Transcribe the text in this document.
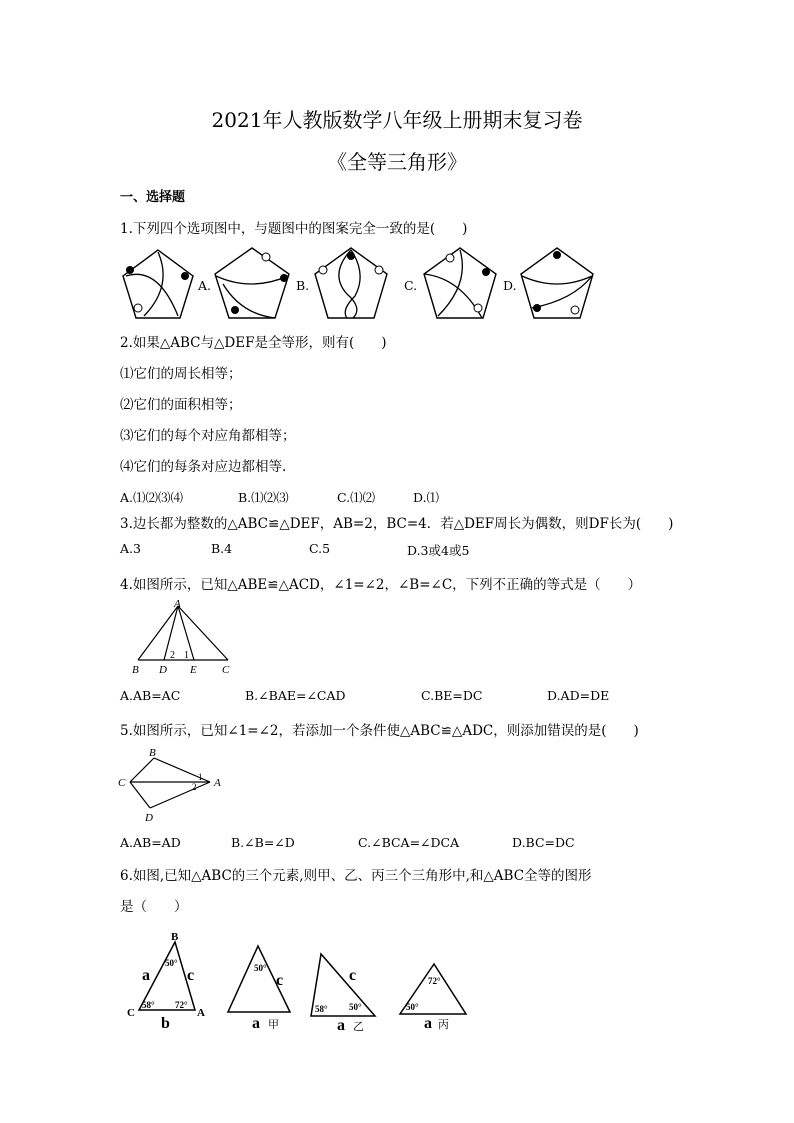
2021年人教版数学八年级上册期末复习卷
《全等三角形》
一、选择题
1.下列四个选项图中，与题图中的图案完全一致的是(　　)
A.	B.	C.	D.
2.如果△ABC与△DEF是全等形，则有(　　)
⑴它们的周长相等；
⑵它们的面积相等；
⑶它们的每个对应角都相等；
⑷它们的每条对应边都相等.
A.⑴⑵⑶⑷	B.⑴⑵⑶	C.⑴⑵	D.⑴
3.边长都为整数的△ABC≌△DEF，AB=2，BC=4．若△DEF周长为偶数，则DF长为(　　)
A.3	B.4	C.5	D.3或4或5
4.如图所示，已知△ABE≌△ACD，∠1=∠2，∠B=∠C，下列不正确的等式是（　　）
A
B D E C
2 1
A.AB=AC	B.∠BAE=∠CAD	C.BE=DC	D.AD=DE
5.如图所示，已知∠1=∠2，若添加一个条件使△ABC≌△ADC，则添加错误的是(　　)
B
C	A
D
1
2
A.AB=AD	B.∠B=∠D	C.∠BCA=∠DCA	D.BC=DC
6.如图,已知△ABC的三个元素,则甲、乙、丙三个三角形中,和△ABC全等的图形
是（　　）
B
a c
50°
58° 72°
C	A
b
50°
c
a 甲
c
58° 50°
a 乙
72°
50°
a 丙
